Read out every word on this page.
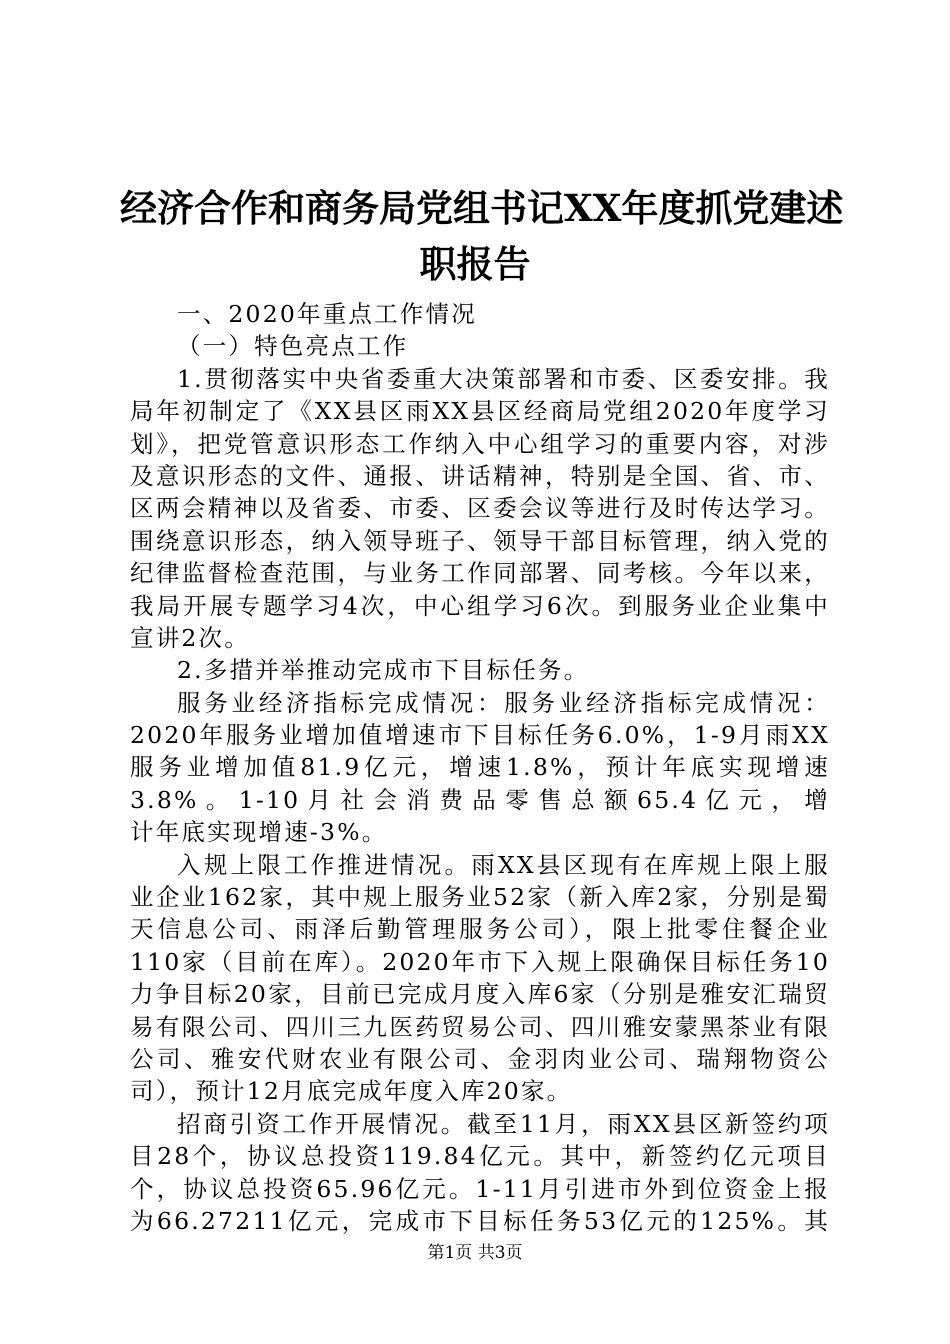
经济合作和商务局党组书记XX年度抓党建述
职报告
一、2020年重点工作情况
（一）特色亮点工作
1.贯彻落实中央省委重大决策部署和市委、区委安排。我
局年初制定了《XX县区雨XX县区经商局党组2020年度学习
划》，把党管意识形态工作纳入中心组学习的重要内容，对涉
及意识形态的文件、通报、讲话精神，特别是全国、省、市、
区两会精神以及省委、市委、区委会议等进行及时传达学习。
围绕意识形态，纳入领导班子、领导干部目标管理，纳入党的
纪律监督检查范围，与业务工作同部署、同考核。今年以来，
我局开展专题学习4次，中心组学习6次。到服务业企业集中
宣讲2次。
2.多措并举推动完成市下目标任务。
服务业经济指标完成情况：服务业经济指标完成情况：
2020年服务业增加值增速市下目标任务6.0%，1-9月雨XX
服务业增加值81.9亿元，增速1.8%，预计年底实现增速
3.8%。1-10月社会消费品零售总额65.4亿元，增
计年底实现增速-3%。
入规上限工作推进情况。雨XX县区现有在库规上限上服
业企业162家，其中规上服务业52家（新入库2家，分别是蜀
天信息公司、雨泽后勤管理服务公司），限上批零住餐企业
110家（目前在库）。2020年市下入规上限确保目标任务10
力争目标20家，目前已完成月度入库6家（分别是雅安汇瑞贸
易有限公司、四川三九医药贸易公司、四川雅安蒙黑茶业有限
公司、雅安代财农业有限公司、金羽肉业公司、瑞翔物资公
司），预计12月底完成年度入库20家。
招商引资工作开展情况。截至11月，雨XX县区新签约项
目28个，协议总投资119.84亿元。其中，新签约亿元项目
个，协议总投资65.96亿元。1-11月引进市外到位资金上报
为66.27211亿元，完成市下目标任务53亿元的125%。其
第1页 共3页
